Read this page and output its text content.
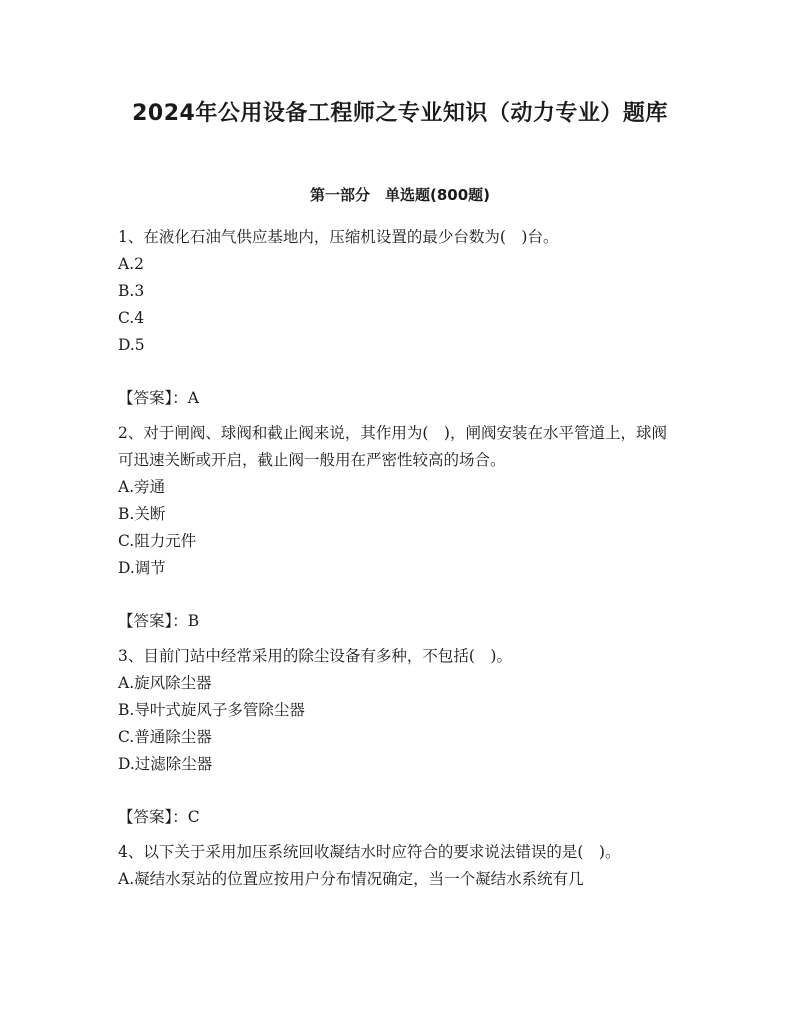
2024年公用设备工程师之专业知识（动力专业）题库
第一部分　单选题(800题)

1、在液化石油气供应基地内，压缩机设置的最少台数为(　)台。

A.2

B.3

C.4

D.5

【答案】：A

2、对于闸阀、球阀和截止阀来说，其作用为(　)，闸阀安装在水平管道上，球阀可迅速关断或开启，截止阀一般用在严密性较高的场合。

A.旁通

B.关断

C.阻力元件

D.调节

【答案】：B

3、目前门站中经常采用的除尘设备有多种，不包括(　)。

A.旋风除尘器

B.导叶式旋风子多管除尘器

C.普通除尘器

D.过滤除尘器

【答案】：C

4、以下关于采用加压系统回收凝结水时应符合的要求说法错误的是(　)。

A.凝结水泵站的位置应按用户分布情况确定，当一个凝结水系统有几
